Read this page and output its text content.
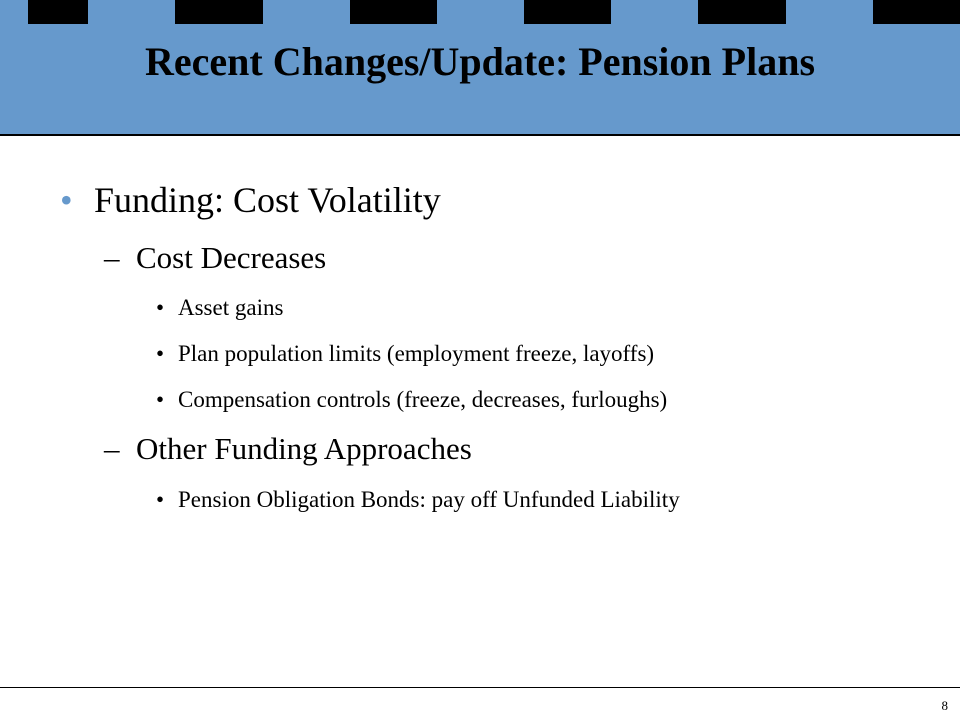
Recent Changes/Update: Pension Plans
• Funding: Cost Volatility
– Cost Decreases
• Asset gains
• Plan population limits (employment freeze, layoffs)
• Compensation controls (freeze, decreases, furloughs)
– Other Funding Approaches
• Pension Obligation Bonds: pay off Unfunded Liability
8
